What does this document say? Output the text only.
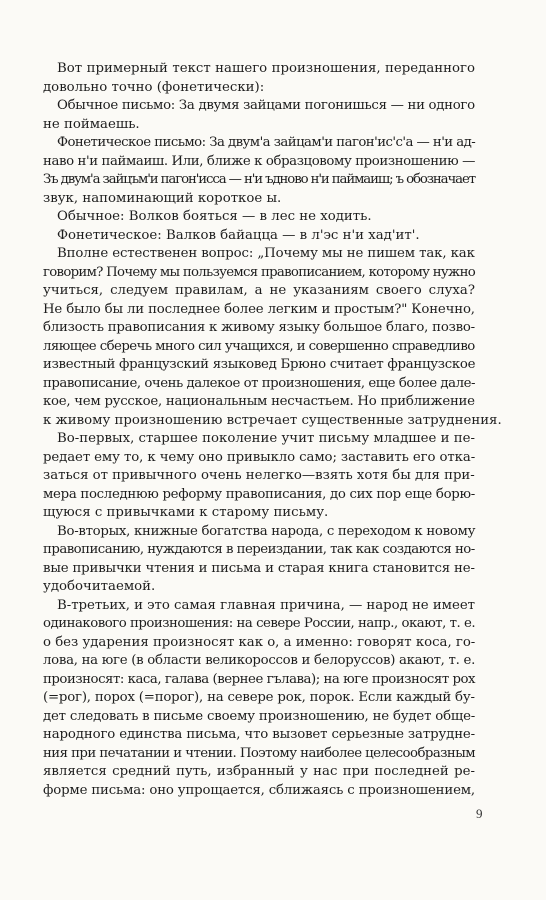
Вот примерный текст нашего произношения, переданного
довольно точно (фонетически):
Обычное письмо: За двумя зайцами погонишься — ни одного
не поймаешь.
Фонетическое письмо: За двум'а зайцам'и пагон'ис'с'а — н'и ад-
наво н'и паймаиш. Или, ближе к образцовому произношению —
Зъ двум'а зайцъм'и пагон'исса — н'и ъдново н'и паймаиш; ъ обозначает
звук, напоминающий короткое ы.
Обычное: Волков бояться — в лес не ходить.
Фонетическое: Валков байацца — в л'эс н'и хад'ит'.
Вполне естественен вопрос: „Почему мы не пишем так, как
говорим? Почему мы пользуемся правописанием, которому нужно
учиться, следуем правилам, а не указаниям своего слуха?
Не было бы ли последнее более легким и простым?" Конечно,
близость правописания к живому языку большое благо, позво-
ляющее сберечь много сил учащихся, и совершенно справедливо
известный французский языковед Брюно считает французское
правописание, очень далекое от произношения, еще более дале-
кое, чем русское, национальным несчастьем. Но приближение
к живому произношению встречает существенные затруднения.
Во-первых, старшее поколение учит письму младшее и пе-
редает ему то, к чему оно привыкло само; заставить его отка-
заться от привычного очень нелегко—взять хотя бы для при-
мера последнюю реформу правописания, до сих пор еще борю-
щуюся с привычками к старому письму.
Во-вторых, книжные богатства народа, с переходом к новому
правописанию, нуждаются в переиздании, так как создаются но-
вые привычки чтения и письма и старая книга становится не-
удобочитаемой.
В-третьих, и это самая главная причина, — народ не имеет
одинакового произношения: на севере России, напр., окают, т. е.
о без ударения произносят как о, а именно: говорят коса, го-
лова, на юге (в области великороссов и белоруссов) акают, т. е.
произносят: каса, галава (вернее гълава); на юге произносят рох
(=рог), порох (=порог), на севере рок, порок. Если каждый бу-
дет следовать в письме своему произношению, не будет обще-
народного единства письма, что вызовет серьезные затрудне-
ния при печатании и чтении. Поэтому наиболее целесообразным
является средний путь, избранный у нас при последней ре-
форме письма: оно упрощается, сближаясь с произношением,
9
